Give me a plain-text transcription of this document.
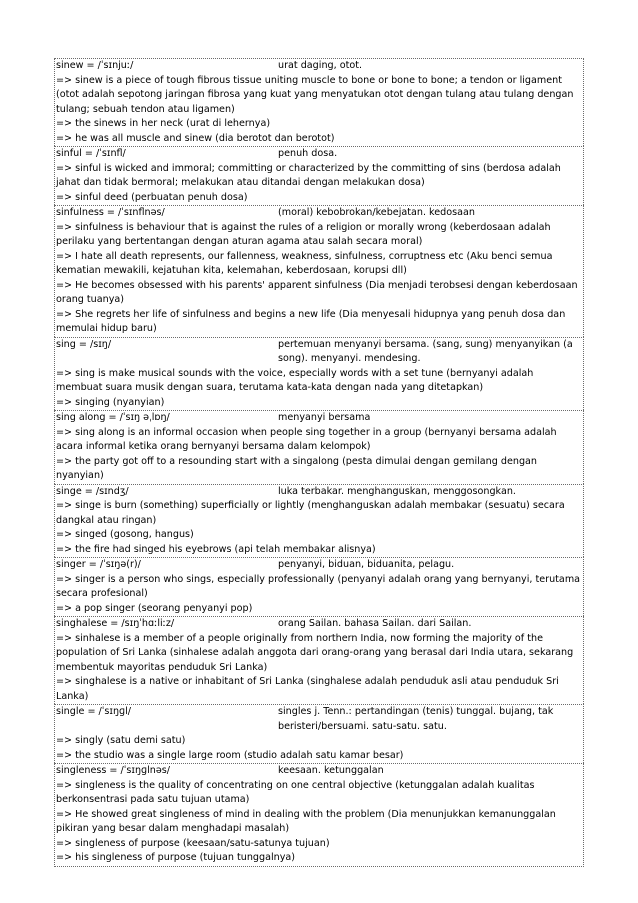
sinew = /ˈsɪnjuː/	urat daging, otot.
=> sinew is a piece of tough fibrous tissue uniting muscle to bone or bone to bone; a tendon or ligament (otot adalah sepotong jaringan fibrosa yang kuat yang menyatukan otot dengan tulang atau tulang dengan tulang; sebuah tendon atau ligamen)
=> the sinews in her neck (urat di lehernya)
=> he was all muscle and sinew (dia berotot dan berotot)
sinful = /ˈsɪnfl/	penuh dosa.
=> sinful is wicked and immoral; committing or characterized by the committing of sins (berdosa adalah jahat dan tidak bermoral; melakukan atau ditandai dengan melakukan dosa)
=> sinful deed (perbuatan penuh dosa)
sinfulness = /ˈsɪnflnəs/	(moral) kebobrokan/kebejatan. kedosaan
=> sinfulness is behaviour that is against the rules of a religion or morally wrong (keberdosaan adalah perilaku yang bertentangan dengan aturan agama atau salah secara moral)
=> I hate all death represents, our fallenness, weakness, sinfulness, corruptness etc (Aku benci semua kematian mewakili, kejatuhan kita, kelemahan, keberdosaan, korupsi dll)
=> He becomes obsessed with his parents' apparent sinfulness (Dia menjadi terobsesi dengan keberdosaan orang tuanya)
=> She regrets her life of sinfulness and begins a new life (Dia menyesali hidupnya yang penuh dosa dan memulai hidup baru)
sing = /sɪŋ/	pertemuan menyanyi bersama. (sang, sung) menyanyikan (a song). menyanyi. mendesing.
=> sing is make musical sounds with the voice, especially words with a set tune (bernyanyi adalah membuat suara musik dengan suara, terutama kata-kata dengan nada yang ditetapkan)
=> singing (nyanyian)
sing along = /ˈsɪŋ əˌlɒŋ/	menyanyi bersama
=> sing along is an informal occasion when people sing together in a group (bernyanyi bersama adalah acara informal ketika orang bernyanyi bersama dalam kelompok)
=> the party got off to a resounding start with a singalong (pesta dimulai dengan gemilang dengan nyanyian)
singe = /sɪndʒ/	luka terbakar. menghanguskan, menggosongkan.
=> singe is burn (something) superficially or lightly (menghanguskan adalah membakar (sesuatu) secara dangkal atau ringan)
=> singed (gosong, hangus)
=> the fire had singed his eyebrows (api telah membakar alisnya)
singer = /ˈsɪŋə(r)/	penyanyi, biduan, biduanita, pelagu.
=> singer is a person who sings, especially professionally (penyanyi adalah orang yang bernyanyi, terutama secara profesional)
=> a pop singer (seorang penyanyi pop)
singhalese = /sɪŋˈhɑːliːz/	orang Sailan. bahasa Sailan. dari Sailan.
=> sinhalese is a member of a people originally from northern India, now forming the majority of the population of Sri Lanka (sinhalese adalah anggota dari orang-orang yang berasal dari India utara, sekarang membentuk mayoritas penduduk Sri Lanka)
=> singhalese is a native or inhabitant of Sri Lanka (singhalese adalah penduduk asli atau penduduk Sri Lanka)
single = /ˈsɪŋɡl/	singles j. Tenn.: pertandingan (tenis) tunggal. bujang, tak beristeri/bersuami. satu-satu. satu.
=> singly (satu demi satu)
=> the studio was a single large room (studio adalah satu kamar besar)
singleness = /ˈsɪŋɡlnəs/	keesaan. ketunggalan
=> singleness is the quality of concentrating on one central objective (ketunggalan adalah kualitas berkonsentrasi pada satu tujuan utama)
=> He showed great singleness of mind in dealing with the problem (Dia menunjukkan kemanunggalan pikiran yang besar dalam menghadapi masalah)
=> singleness of purpose (keesaan/satu-satunya tujuan)
=> his singleness of purpose (tujuan tunggalnya)
